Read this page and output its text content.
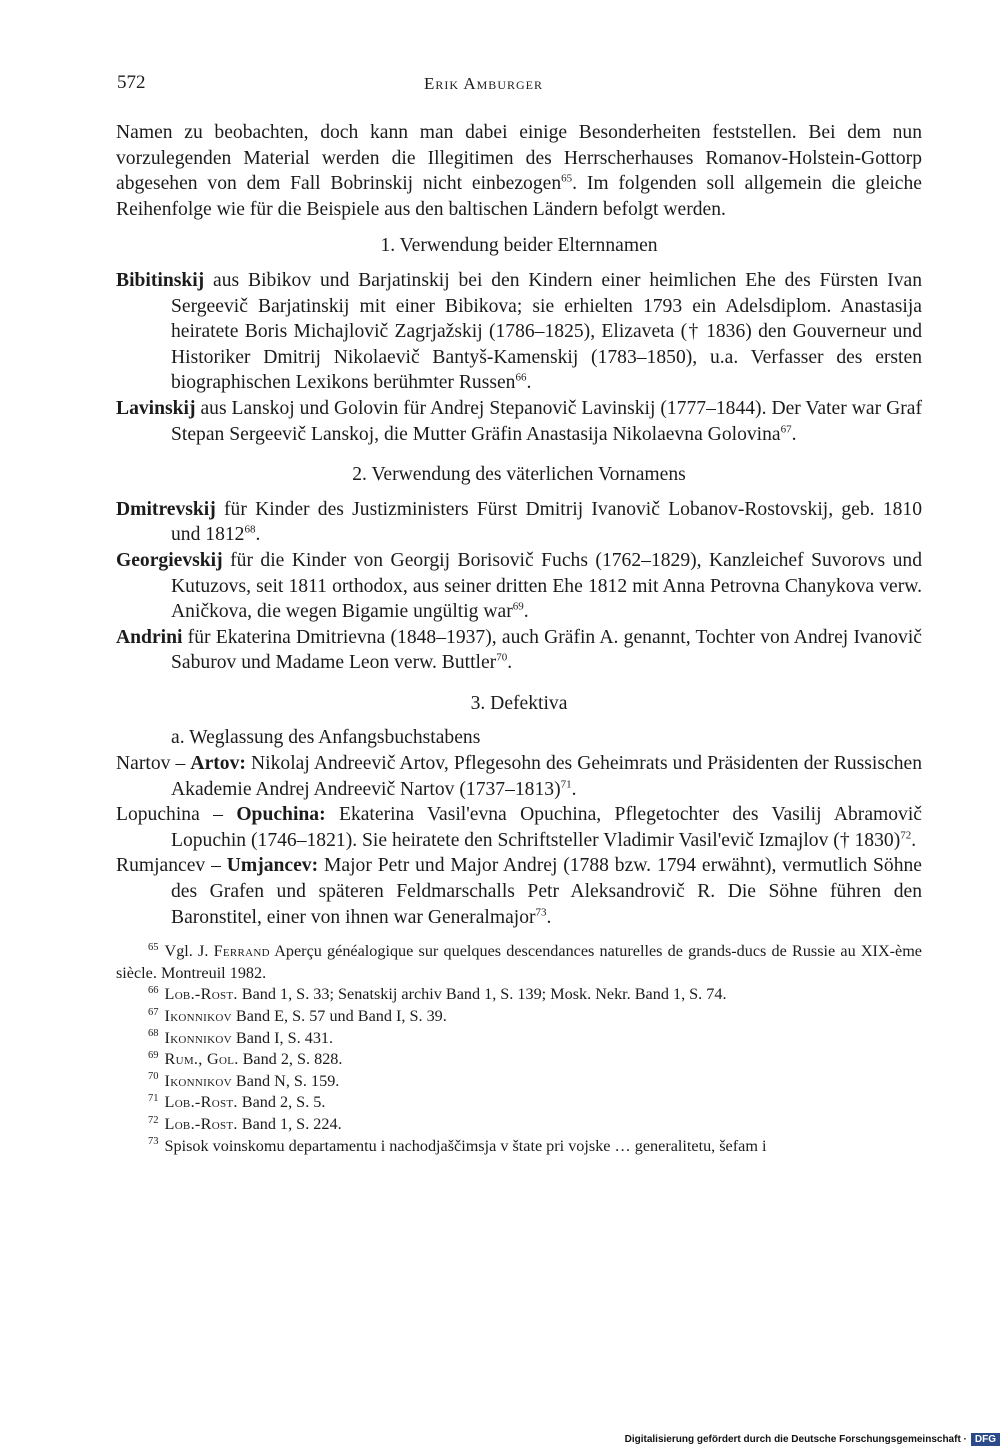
572	Erik Amburger

Namen zu beobachten, doch kann man dabei einige Besonderheiten feststellen. Bei dem nun vorzulegenden Material werden die Illegitimen des Herrscherhauses Romanov-Holstein-Gottorp abgesehen von dem Fall Bobrinskij nicht einbezogen$^{65}$. Im folgenden soll allgemein die gleiche Reihenfolge wie für die Beispiele aus den baltischen Ländern befolgt werden.

1. Verwendung beider Elternnamen

Bibitinskij aus Bibikov und Barjatinskij bei den Kindern einer heimlichen Ehe des Fürsten Ivan Sergeevič Barjatinskij mit einer Bibikova; sie erhielten 1793 ein Adelsdiplom. Anastasija heiratete Boris Michajlovič Zagrjažskij (1786–1825), Elizaveta († 1836) den Gouverneur und Historiker Dmitrij Nikolaevič Bantyš-Kamenskij (1783–1850), u.a. Verfasser des ersten biographischen Lexikons berühmter Russen$^{66}$.

Lavinskij aus Lanskoj und Golovin für Andrej Stepanovič Lavinskij (1777–1844). Der Vater war Graf Stepan Sergeevič Lanskoj, die Mutter Gräfin Anastasija Nikolaevna Golovina$^{67}$.

2. Verwendung des väterlichen Vornamens

Dmitrevskij für Kinder des Justizministers Fürst Dmitrij Ivanovič Lobanov-Rostovskij, geb. 1810 und 1812$^{68}$.

Georgievskij für die Kinder von Georgij Borisovič Fuchs (1762–1829), Kanzleichef Suvorovs und Kutuzovs, seit 1811 orthodox, aus seiner dritten Ehe 1812 mit Anna Petrovna Chanykova verw. Aničkova, die wegen Bigamie ungültig war$^{69}$.

Andrini für Ekaterina Dmitrievna (1848–1937), auch Gräfin A. genannt, Tochter von Andrej Ivanovič Saburov und Madame Leon verw. Buttler$^{70}$.

3. Defektiva

a. Weglassung des Anfangsbuchstabens

Nartov – Artov: Nikolaj Andreevič Artov, Pflegesohn des Geheimrats und Präsidenten der Russischen Akademie Andrej Andreevič Nartov (1737–1813)$^{71}$.

Lopuchina – Opuchina: Ekaterina Vasil'evna Opuchina, Pflegetochter des Vasilij Abramovič Lopuchin (1746–1821). Sie heiratete den Schriftsteller Vladimir Vasil'evič Izmajlov († 1830)$^{72}$.

Rumjancev – Umjancev: Major Petr und Major Andrej (1788 bzw. 1794 erwähnt), vermutlich Söhne des Grafen und späteren Feldmarschalls Petr Aleksandrovič R. Die Söhne führen den Baronstitel, einer von ihnen war Generalmajor$^{73}$.

$^{65}$ Vgl. J. Ferrand Aperçu généalogique sur quelques descendances naturelles de grands-ducs de Russie au XIX-ème siècle. Montreuil 1982.

$^{66}$ Lob.-Rost. Band 1, S. 33; Senatskij archiv Band 1, S. 139; Mosk. Nekr. Band 1, S. 74.

$^{67}$ Ikonnikov Band E, S. 57 und Band I, S. 39.

$^{68}$ Ikonnikov Band I, S. 431.

$^{69}$ Rum., Gol. Band 2, S. 828.

$^{70}$ Ikonnikov Band N, S. 159.

$^{71}$ Lob.-Rost. Band 2, S. 5.

$^{72}$ Lob.-Rost. Band 1, S. 224.

$^{73}$ Spisok voinskomu departamentu i nachodjaščimsja v štate pri vojske … generalitetu, šefam i

Digitalisierung gefördert durch die Deutsche Forschungsgemeinschaft · DFG
